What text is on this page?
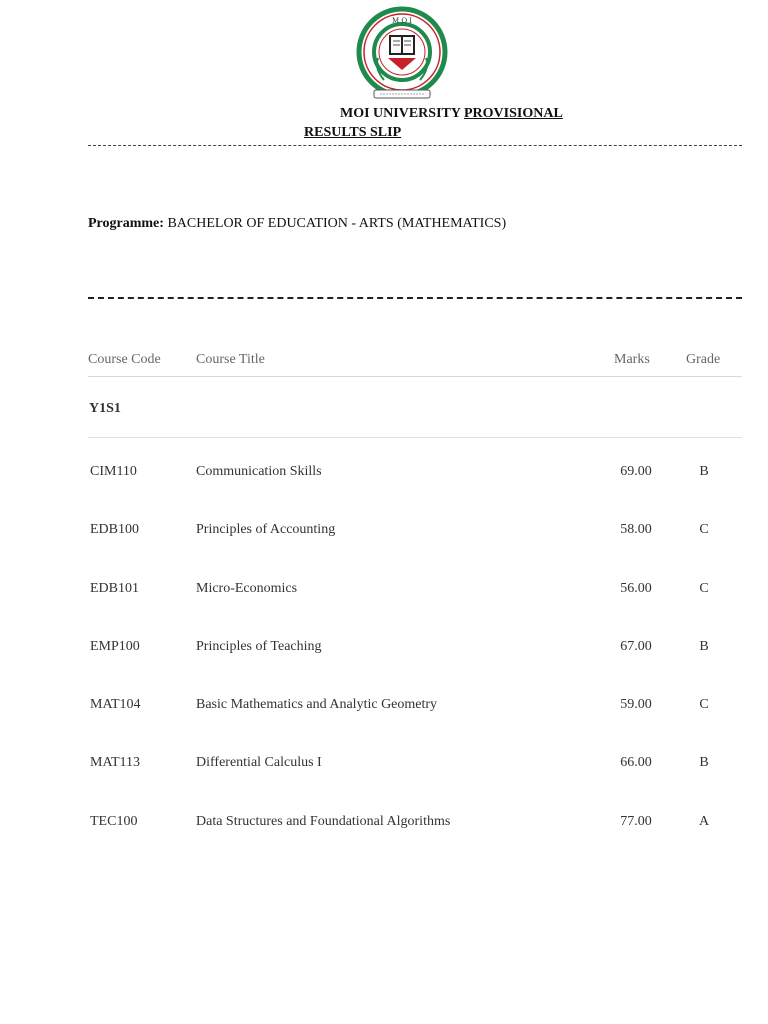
M O I
MOI UNIVERSITY PROVISIONAL
RESULTS SLIP
Programme: BACHELOR OF EDUCATION - ARTS (MATHEMATICS)
Course Code	Course Title	Marks	Grade
Y1S1
CIM110	Communication Skills	69.00	B
EDB100	Principles of Accounting	58.00	C
EDB101	Micro-Economics	56.00	C
EMP100	Principles of Teaching	67.00	B
MAT104	Basic Mathematics and Analytic Geometry	59.00	C
MAT113	Differential Calculus I	66.00	B
TEC100	Data Structures and Foundational Algorithms	77.00	A
